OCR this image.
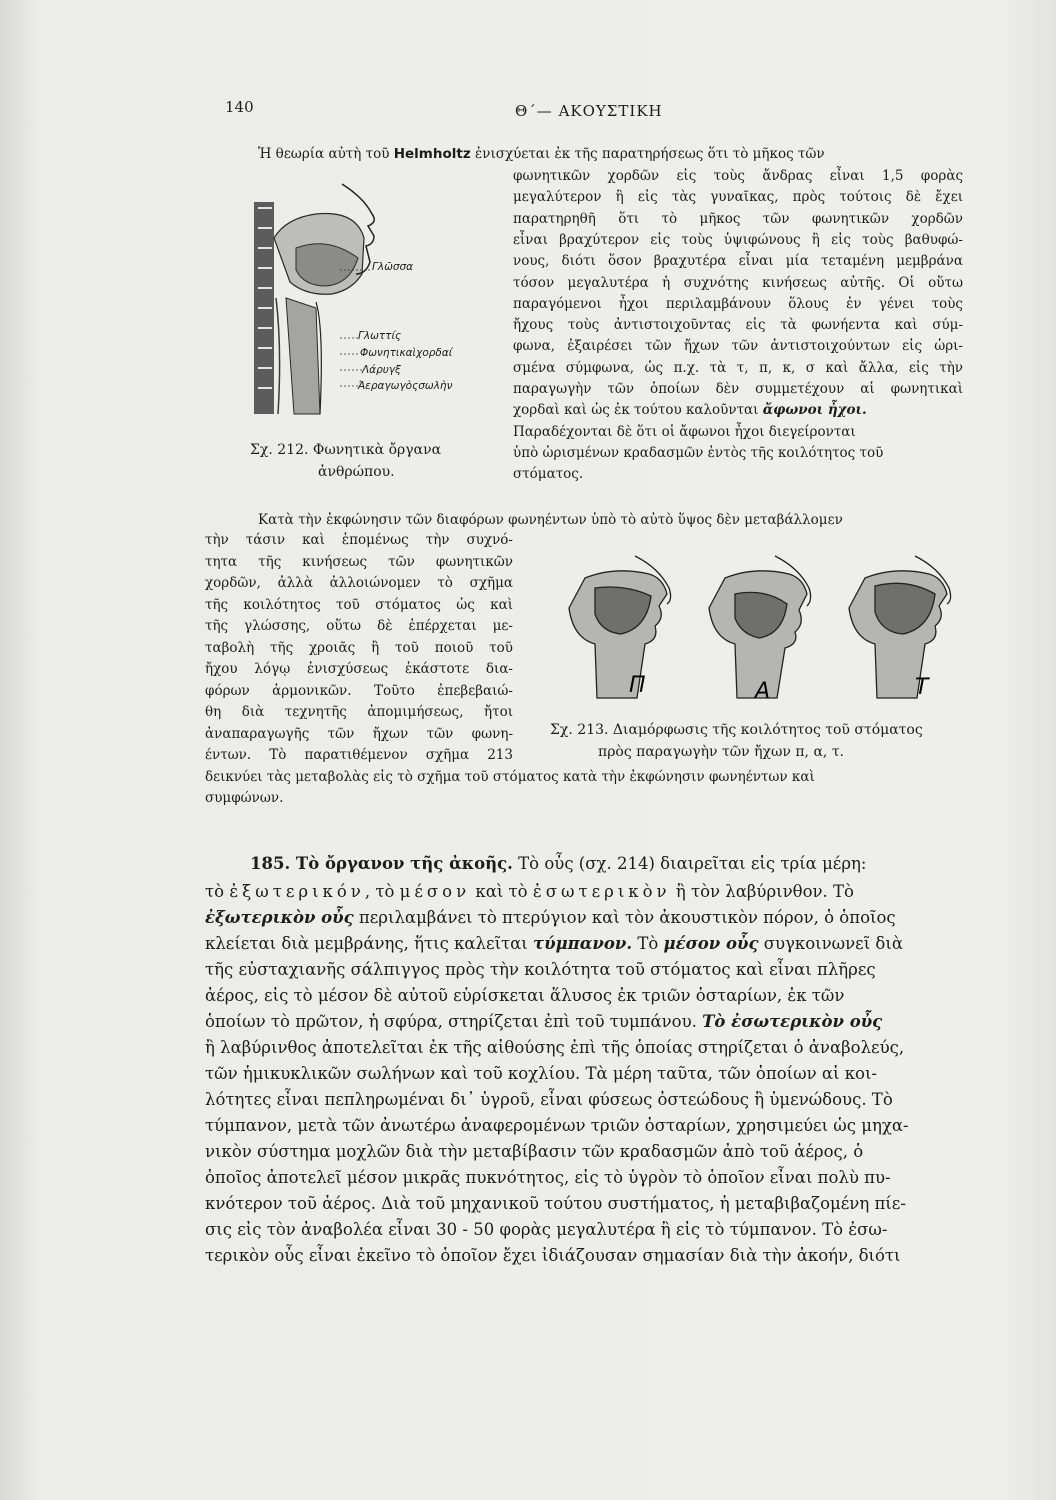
140	Θ΄— ΑΚΟΥΣΤΙΚΗ
Ἡ θεωρία αὐτὴ τοῦ Helmholtz ἐνισχύεται ἐκ τῆς παρατηρήσεως ὅτι τὸ μῆκος τῶν
φωνητικῶν χορδῶν εἰς τοὺς ἄνδρας εἶναι 1,5 φορὰς
μεγαλύτερον ἢ εἰς τὰς γυναῖκας, πρὸς τούτοις δὲ ἔχει
παρατηρηθῆ ὅτι τὸ μῆκος τῶν φωνητικῶν χορδῶν
εἶναι βραχύτερον εἰς τοὺς ὑψιφώνους ἢ εἰς τοὺς βαθυφώ-
νους, διότι ὅσον βραχυτέρα εἶναι μία τεταμένη μεμβράνα
τόσον μεγαλυτέρα ἡ συχνότης κινήσεως αὐτῆς. Οἱ οὕτω
παραγόμενοι ἦχοι περιλαμβάνουν ὅλους ἐν γένει τοὺς
ἤχους τοὺς ἀντιστοιχοῦντας εἰς τὰ φωνήεντα καὶ σύμ-
φωνα, ἐξαιρέσει τῶν ἤχων τῶν ἀντιστοιχούντων εἰς ὡρι-
σμένα σύμφωνα, ὡς π.χ. τὰ τ, π, κ, σ καὶ ἄλλα, εἰς τὴν
παραγωγὴν τῶν ὁποίων δὲν συμμετέχουν αἱ φωνητικαὶ
χορδαὶ καὶ ὡς ἐκ τούτου καλοῦνται ἄφωνοι ἦχοι.
Παραδέχονται δὲ ὅτι οἱ ἄφωνοι ἦχοι διεγείρονται
ὑπὸ ὡρισμένων κραδασμῶν ἐντὸς τῆς κοιλότητος τοῦ
στόματος.
Γλῶσσα
Γλωττίς
Φωνητικαὶχορδαί
Λάρυγξ
Ἀεραγωγὸςσωλὴν
Σχ. 212. Φωνητικὰ ὄργανα
ἀνθρώπου.
Κατὰ τὴν ἐκφώνησιν τῶν διαφόρων φωνηέντων ὑπὸ τὸ αὐτὸ ὕψος δὲν μεταβάλλομεν
τὴν τάσιν καὶ ἑπομένως τὴν συχνό-
τητα τῆς κινήσεως τῶν φωνητικῶν
χορδῶν, ἀλλὰ ἀλλοιώνομεν τὸ σχῆμα
τῆς κοιλότητος τοῦ στόματος ὡς καὶ
τῆς γλώσσης, οὕτω δὲ ἐπέρχεται με-
ταβολὴ τῆς χροιᾶς ἢ τοῦ ποιοῦ τοῦ
ἤχου λόγῳ ἐνισχύσεως ἑκάστοτε δια-
φόρων ἁρμονικῶν. Τοῦτο ἐπεβεβαιώ-
θη διὰ τεχνητῆς ἀπομιμήσεως, ἤτοι
ἀναπαραγωγῆς τῶν ἤχων τῶν φωνη-
έντων. Τὸ παρατιθέμενον σχῆμα 213
δεικνύει τὰς μεταβολὰς εἰς τὸ σχῆμα τοῦ στόματος κατὰ τὴν ἐκφώνησιν φωνηέντων καὶ
συμφώνων.
Π	Α	Τ
Σχ. 213. Διαμόρφωσις τῆς κοιλότητος τοῦ στόματος
πρὸς παραγωγὴν τῶν ἤχων π, α, τ.
185. Τὸ ὄργανον τῆς ἀκοῆς. Τὸ οὖς (σχ. 214) διαιρεῖται εἰς τρία μέρη:
τὸ ἐξωτερικόν, τὸ μέσον καὶ τὸ ἐσωτερικὸν ἢ τὸν λαβύρινθον. Τὸ
ἐξωτερικὸν οὖς περιλαμβάνει τὸ πτερύγιον καὶ τὸν ἀκουστικὸν πόρον, ὁ ὁποῖος
κλείεται διὰ μεμβράνης, ἥτις καλεῖται τύμπανον. Τὸ μέσον οὖς συγκοινωνεῖ διὰ
τῆς εὐσταχιανῆς σάλπιγγος πρὸς τὴν κοιλότητα τοῦ στόματος καὶ εἶναι πλῆρες
ἀέρος, εἰς τὸ μέσον δὲ αὐτοῦ εὑρίσκεται ἅλυσος ἐκ τριῶν ὀσταρίων, ἐκ τῶν
ὁποίων τὸ πρῶτον, ἡ σφύρα, στηρίζεται ἐπὶ τοῦ τυμπάνου. Τὸ ἐσωτερικὸν οὖς
ἢ λαβύρινθος ἀποτελεῖται ἐκ τῆς αἰθούσης ἐπὶ τῆς ὁποίας στηρίζεται ὁ ἀναβολεύς,
τῶν ἡμικυκλικῶν σωλήνων καὶ τοῦ κοχλίου. Τὰ μέρη ταῦτα, τῶν ὁποίων αἱ κοι-
λότητες εἶναι πεπληρωμέναι δι᾿ ὑγροῦ, εἶναι φύσεως ὀστεώδους ἢ ὑμενώδους. Τὸ
τύμπανον, μετὰ τῶν ἀνωτέρω ἀναφερομένων τριῶν ὀσταρίων, χρησιμεύει ὡς μηχα-
νικὸν σύστημα μοχλῶν διὰ τὴν μεταβίβασιν τῶν κραδασμῶν ἀπὸ τοῦ ἀέρος, ὁ
ὁποῖος ἀποτελεῖ μέσον μικρᾶς πυκνότητος, εἰς τὸ ὑγρὸν τὸ ὁποῖον εἶναι πολὺ πυ-
κνότερον τοῦ ἀέρος. Διὰ τοῦ μηχανικοῦ τούτου συστήματος, ἡ μεταβιβαζομένη πίε-
σις εἰς τὸν ἀναβολέα εἶναι 30 - 50 φορὰς μεγαλυτέρα ἢ εἰς τὸ τύμπανον. Τὸ ἐσω-
τερικὸν οὖς εἶναι ἐκεῖνο τὸ ὁποῖον ἔχει ἰδιάζουσαν σημασίαν διὰ τὴν ἀκοήν, διότι
